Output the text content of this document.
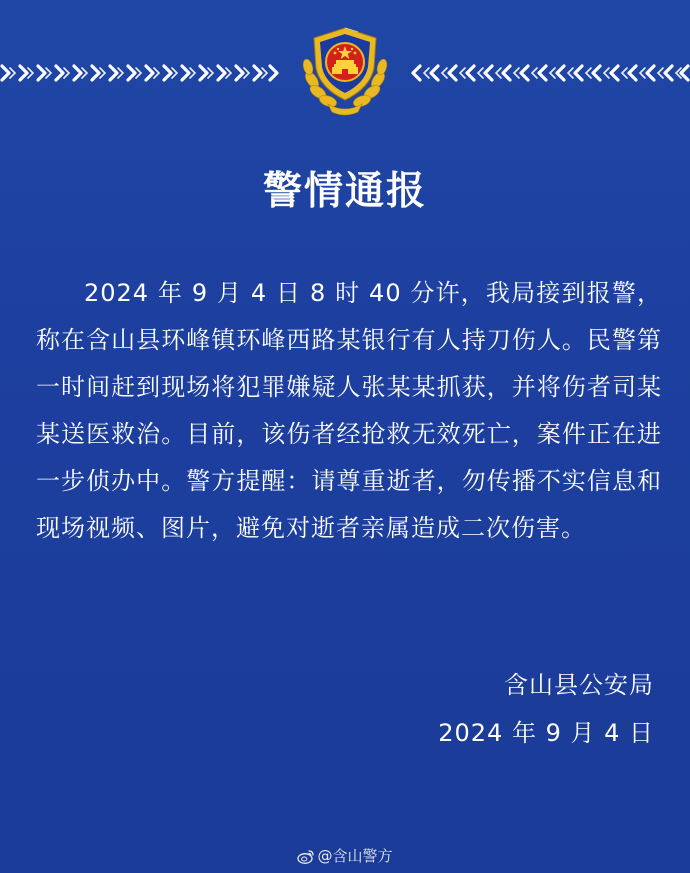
警情通报

2024 年 9 月 4 日 8 时 40 分许，我局接到报警，称在含山县环峰镇环峰西路某银行有人持刀伤人。民警第一时间赶到现场将犯罪嫌疑人张某某抓获，并将伤者司某某送医救治。目前，该伤者经抢救无效死亡，案件正在进一步侦办中。警方提醒：请尊重逝者，勿传播不实信息和现场视频、图片，避免对逝者亲属造成二次伤害。

含山县公安局
2024 年 9 月 4 日
@含山警方
